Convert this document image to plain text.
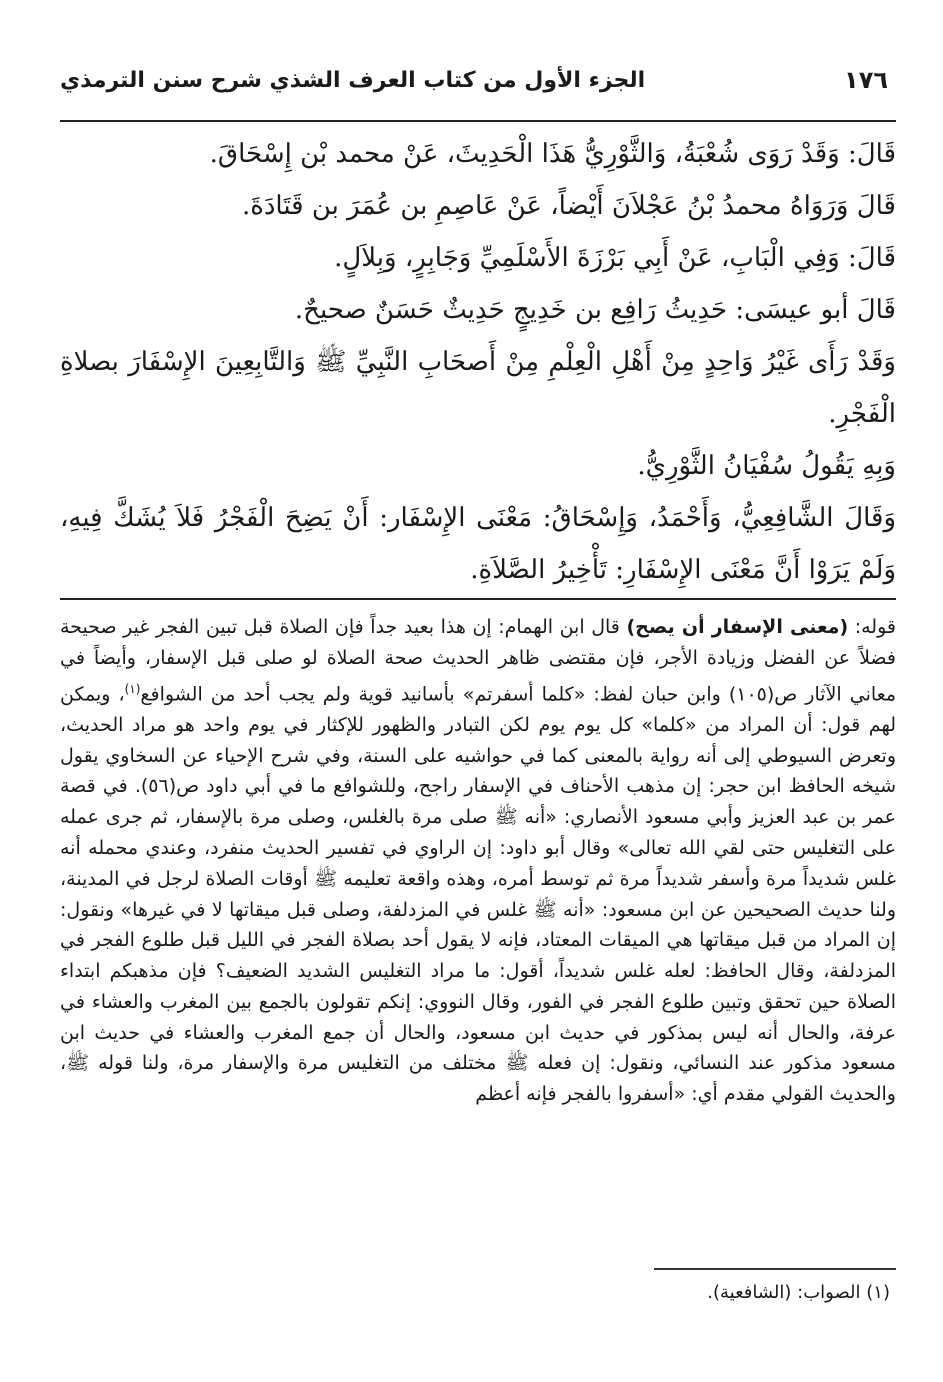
١٧٦
الجزء الأول من كتاب العرف الشذي شرح سنن الترمذي

قَالَ: وَقَدْ رَوَى شُعْبَةُ، وَالثَّوْرِيُّ هَذَا الْحَدِيثَ، عَنْ محمد بْن إِسْحَاقَ.

قَالَ وَرَوَاهُ محمدُ بْنُ عَجْلاَنَ أَيْضاً، عَنْ عَاصِمِ بن عُمَرَ بن قَتَادَةَ.

قَالَ: وَفِي الْبَابِ، عَنْ أَبِي بَرْزَةَ الأَسْلَمِيِّ وَجَابِرٍ، وَبِلاَلٍ.

قَالَ أبو عيسَى: حَدِيثُ رَافِع بن خَدِيجٍ حَدِيثٌ حَسَنٌ صحيحٌ.

وَقَدْ رَأَى غَيْرُ وَاحِدٍ مِنْ أَهْلِ الْعِلْمِ مِنْ أَصحَابِ النَّبِيِّ ﷺ وَالتَّابِعِينَ الإِسْفَارَ بصلاةِ الْفَجْرِ.

وَبِهِ يَقُولُ سُفْيَانُ الثَّوْرِيُّ.

وَقَالَ الشَّافِعِيُّ، وَأَحْمَدُ، وَإِسْحَاقُ: مَعْنَى الإِسْفَار: أَنْ يَضِحَ الْفَجْرُ فَلاَ يُشَكَّ فِيهِ، وَلَمْ يَرَوْا أَنَّ مَعْنَى الإِسْفَارِ: تَأْخِيرُ الصَّلاَةِ.

قوله: (معنى الإسفار أن يصح) قال ابن الهمام: إن هذا بعيد جداً فإن الصلاة قبل تبين الفجر غير صحيحة فضلاً عن الفضل وزيادة الأجر، فإن مقتضى ظاهر الحديث صحة الصلاة لو صلى قبل الإسفار، وأيضاً في معاني الآثار ص(١٠٥) وابن حبان لفظ: «كلما أسفرتم» بأسانيد قوية ولم يجب أحد من الشوافع$^{(١)}$، ويمكن لهم قول: أن المراد من «كلما» كل يوم يوم لكن التبادر والظهور للإكثار في يوم واحد هو مراد الحديث، وتعرض السيوطي إلى أنه رواية بالمعنى كما في حواشيه على السنة، وفي شرح الإحياء عن السخاوي يقول شيخه الحافظ ابن حجر: إن مذهب الأحناف في الإسفار راجح، وللشوافع ما في أبي داود ص(٥٦). في قصة عمر بن عبد العزيز وأبي مسعود الأنصاري: «أنه ﷺ صلى مرة بالغلس، وصلى مرة بالإسفار، ثم جرى عمله على التغليس حتى لقي الله تعالى» وقال أبو داود: إن الراوي في تفسير الحديث منفرد، وعندي محمله أنه غلس شديداً مرة وأسفر شديداً مرة ثم توسط أمره، وهذه واقعة تعليمه ﷺ أوقات الصلاة لرجل في المدينة، ولنا حديث الصحيحين عن ابن مسعود: «أنه ﷺ غلس في المزدلفة، وصلى قبل ميقاتها لا في غيرها» ونقول: إن المراد من قبل ميقاتها هي الميقات المعتاد، فإنه لا يقول أحد بصلاة الفجر في الليل قبل طلوع الفجر في المزدلفة، وقال الحافظ: لعله غلس شديداً، أقول: ما مراد التغليس الشديد الضعيف؟ فإن مذهبكم ابتداء الصلاة حين تحقق وتبين طلوع الفجر في الفور، وقال النووي: إنكم تقولون بالجمع بين المغرب والعشاء في عرفة، والحال أنه ليس بمذكور في حديث ابن مسعود، والحال أن جمع المغرب والعشاء في حديث ابن مسعود مذكور عند النسائي، ونقول: إن فعله ﷺ مختلف من التغليس مرة والإسفار مرة، ولنا قوله ﷺ، والحديث القولي مقدم أي: «أسفروا بالفجر فإنه أعظم

(١) الصواب: (الشافعية).
